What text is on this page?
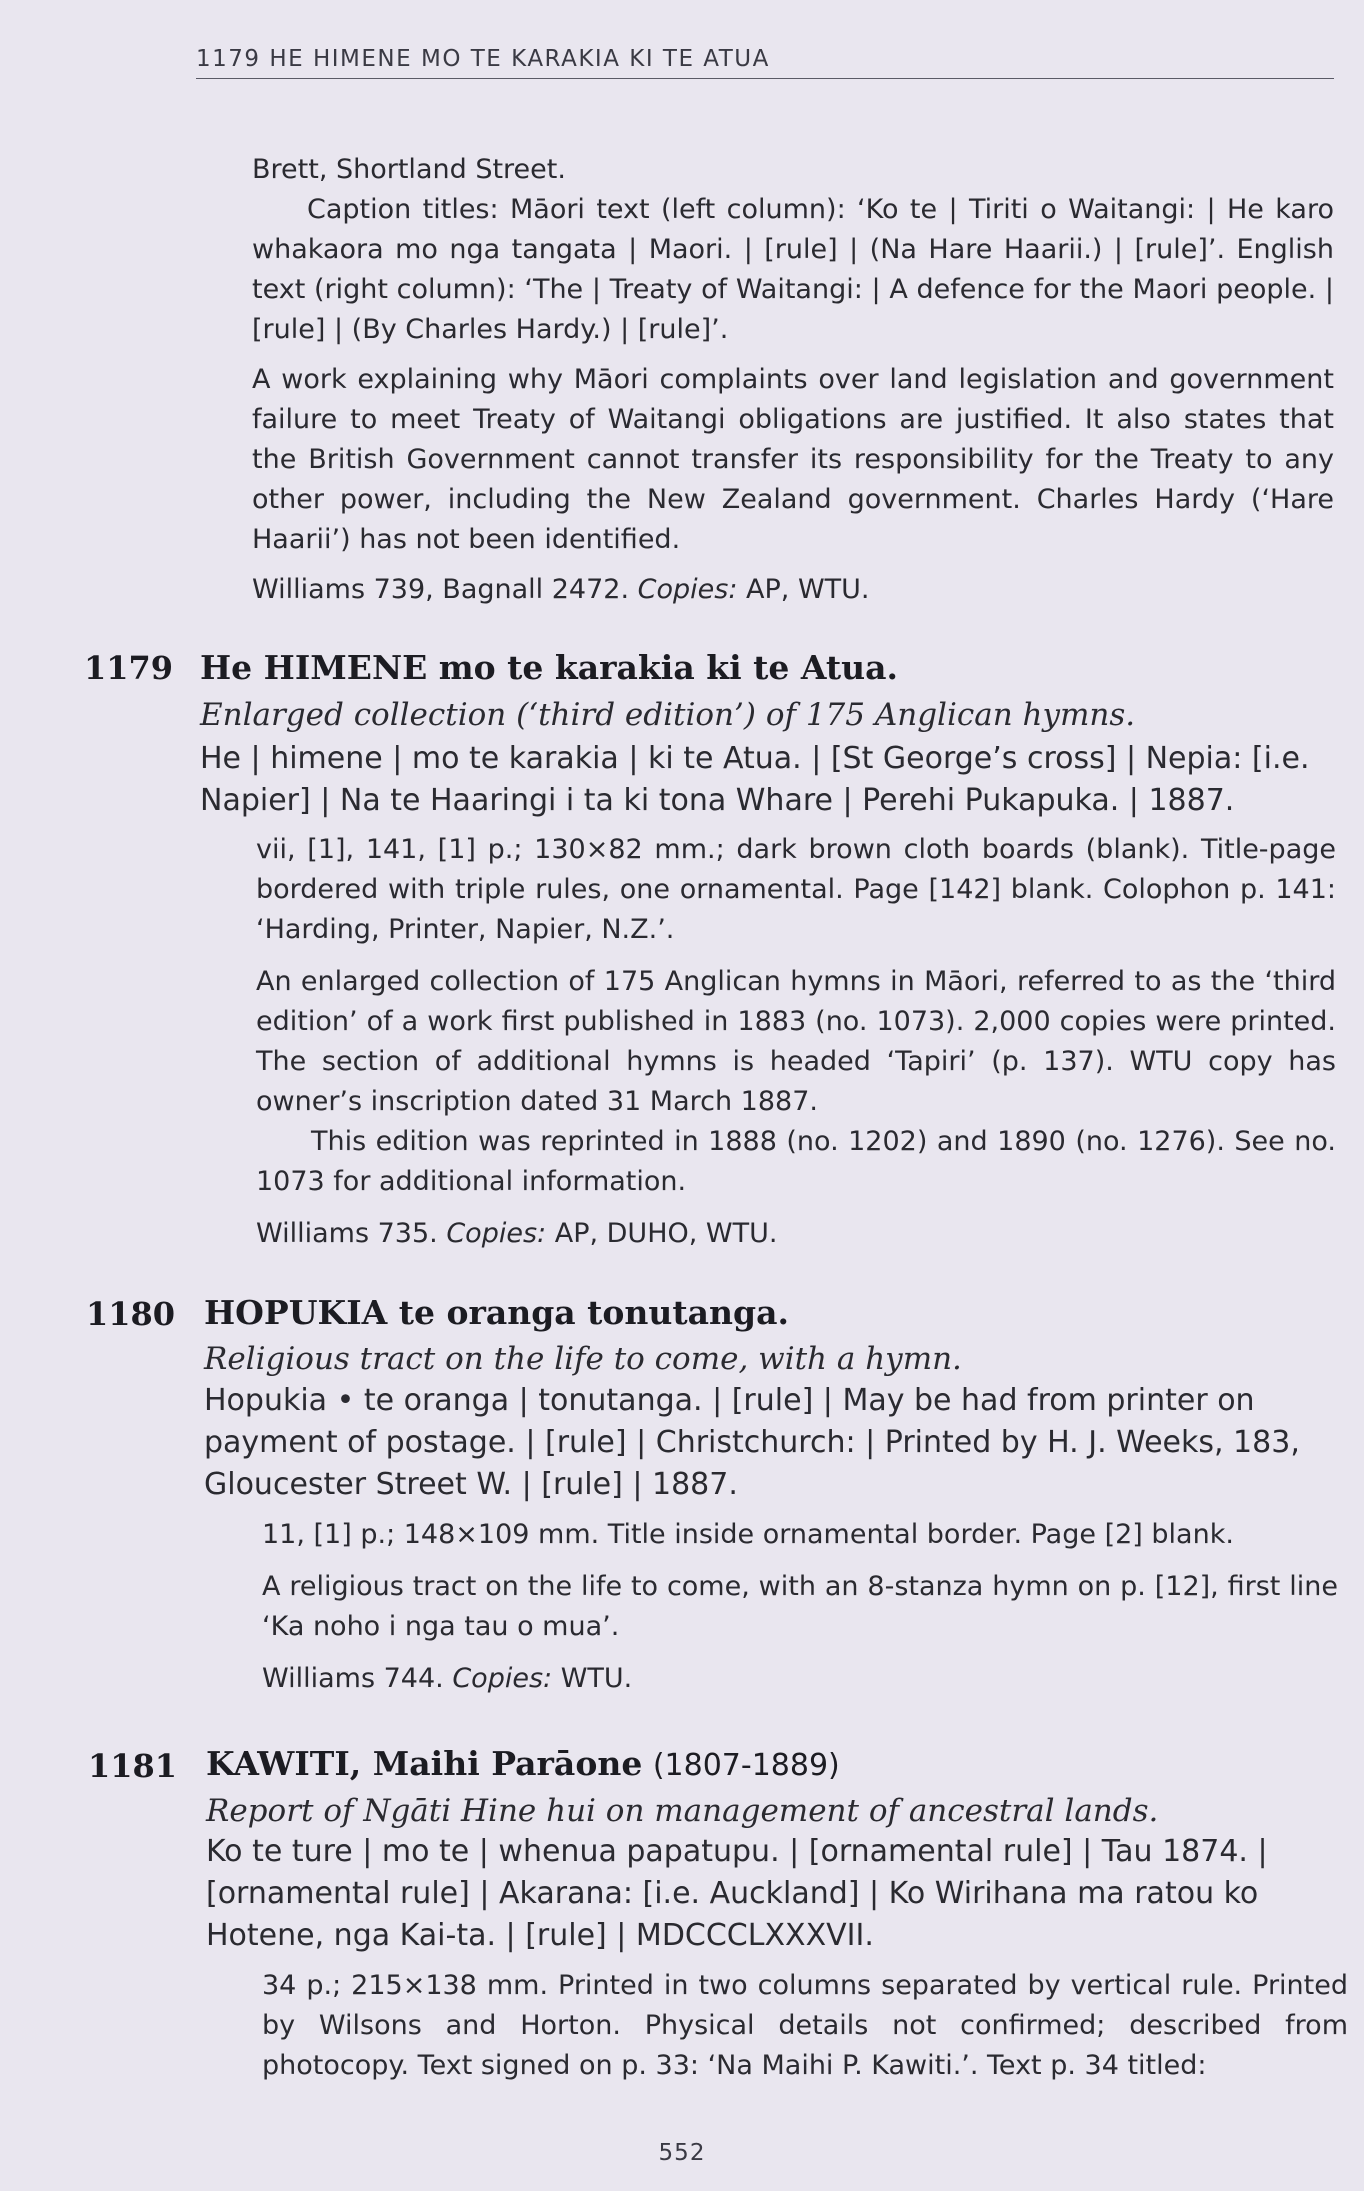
1179 HE HIMENE MO TE KARAKIA KI TE ATUA

Brett, Shortland Street.

Caption titles: Māori text (left column): ‘Ko te | Tiriti o Waitangi: | He karo whakaora mo nga tangata | Maori. | [rule] | (Na Hare Haarii.) | [rule]’. English text (right column): ‘The | Treaty of Waitangi: | A defence for the Maori people. | [rule] | (By Charles Hardy.) | [rule]’.

A work explaining why Māori complaints over land legislation and government failure to meet Treaty of Waitangi obligations are justified. It also states that the British Government cannot transfer its responsibility for the Treaty to any other power, including the New Zealand government. Charles Hardy (‘Hare Haarii’) has not been identified.

Williams 739, Bagnall 2472. Copies: AP, WTU.

1179 He HIMENE mo te karakia ki te Atua.
Enlarged collection (‘third edition’) of 175 Anglican hymns.
He | himene | mo te karakia | ki te Atua. | [St George’s cross] | Nepia: [i.e. Napier] | Na te Haaringi i ta ki tona Whare | Perehi Pukapuka. | 1887.

vii, [1], 141, [1] p.; 130×82 mm.; dark brown cloth boards (blank). Title-page bordered with triple rules, one ornamental. Page [142] blank. Colophon p. 141: ‘Harding, Printer, Napier, N.Z.’.

An enlarged collection of 175 Anglican hymns in Māori, referred to as the ‘third edition’ of a work first published in 1883 (no. 1073). 2,000 copies were printed. The section of additional hymns is headed ‘Tapiri’ (p. 137). WTU copy has owner’s inscription dated 31 March 1887.

This edition was reprinted in 1888 (no. 1202) and 1890 (no. 1276). See no. 1073 for additional information.

Williams 735. Copies: AP, DUHO, WTU.

1180 HOPUKIA te oranga tonutanga.
Religious tract on the life to come, with a hymn.
Hopukia • te oranga | tonutanga. | [rule] | May be had from printer on payment of postage. | [rule] | Christchurch: | Printed by H. J. Weeks, 183, Gloucester Street W. | [rule] | 1887.

11, [1] p.; 148×109 mm. Title inside ornamental border. Page [2] blank.

A religious tract on the life to come, with an 8-stanza hymn on p. [12], first line ‘Ka noho i nga tau o mua’.

Williams 744. Copies: WTU.

1181 KAWITI, Maihi Parāone (1807-1889)
Report of Ngāti Hine hui on management of ancestral lands.
Ko te ture | mo te | whenua papatupu. | [ornamental rule] | Tau 1874. | [ornamental rule] | Akarana: [i.e. Auckland] | Ko Wirihana ma ratou ko Hotene, nga Kai-ta. | [rule] | MDCCCLXXXVII.

34 p.; 215×138 mm. Printed in two columns separated by vertical rule. Printed by Wilsons and Horton. Physical details not confirmed; described from photocopy. Text signed on p. 33: ‘Na Maihi P. Kawiti.’. Text p. 34 titled:

552
